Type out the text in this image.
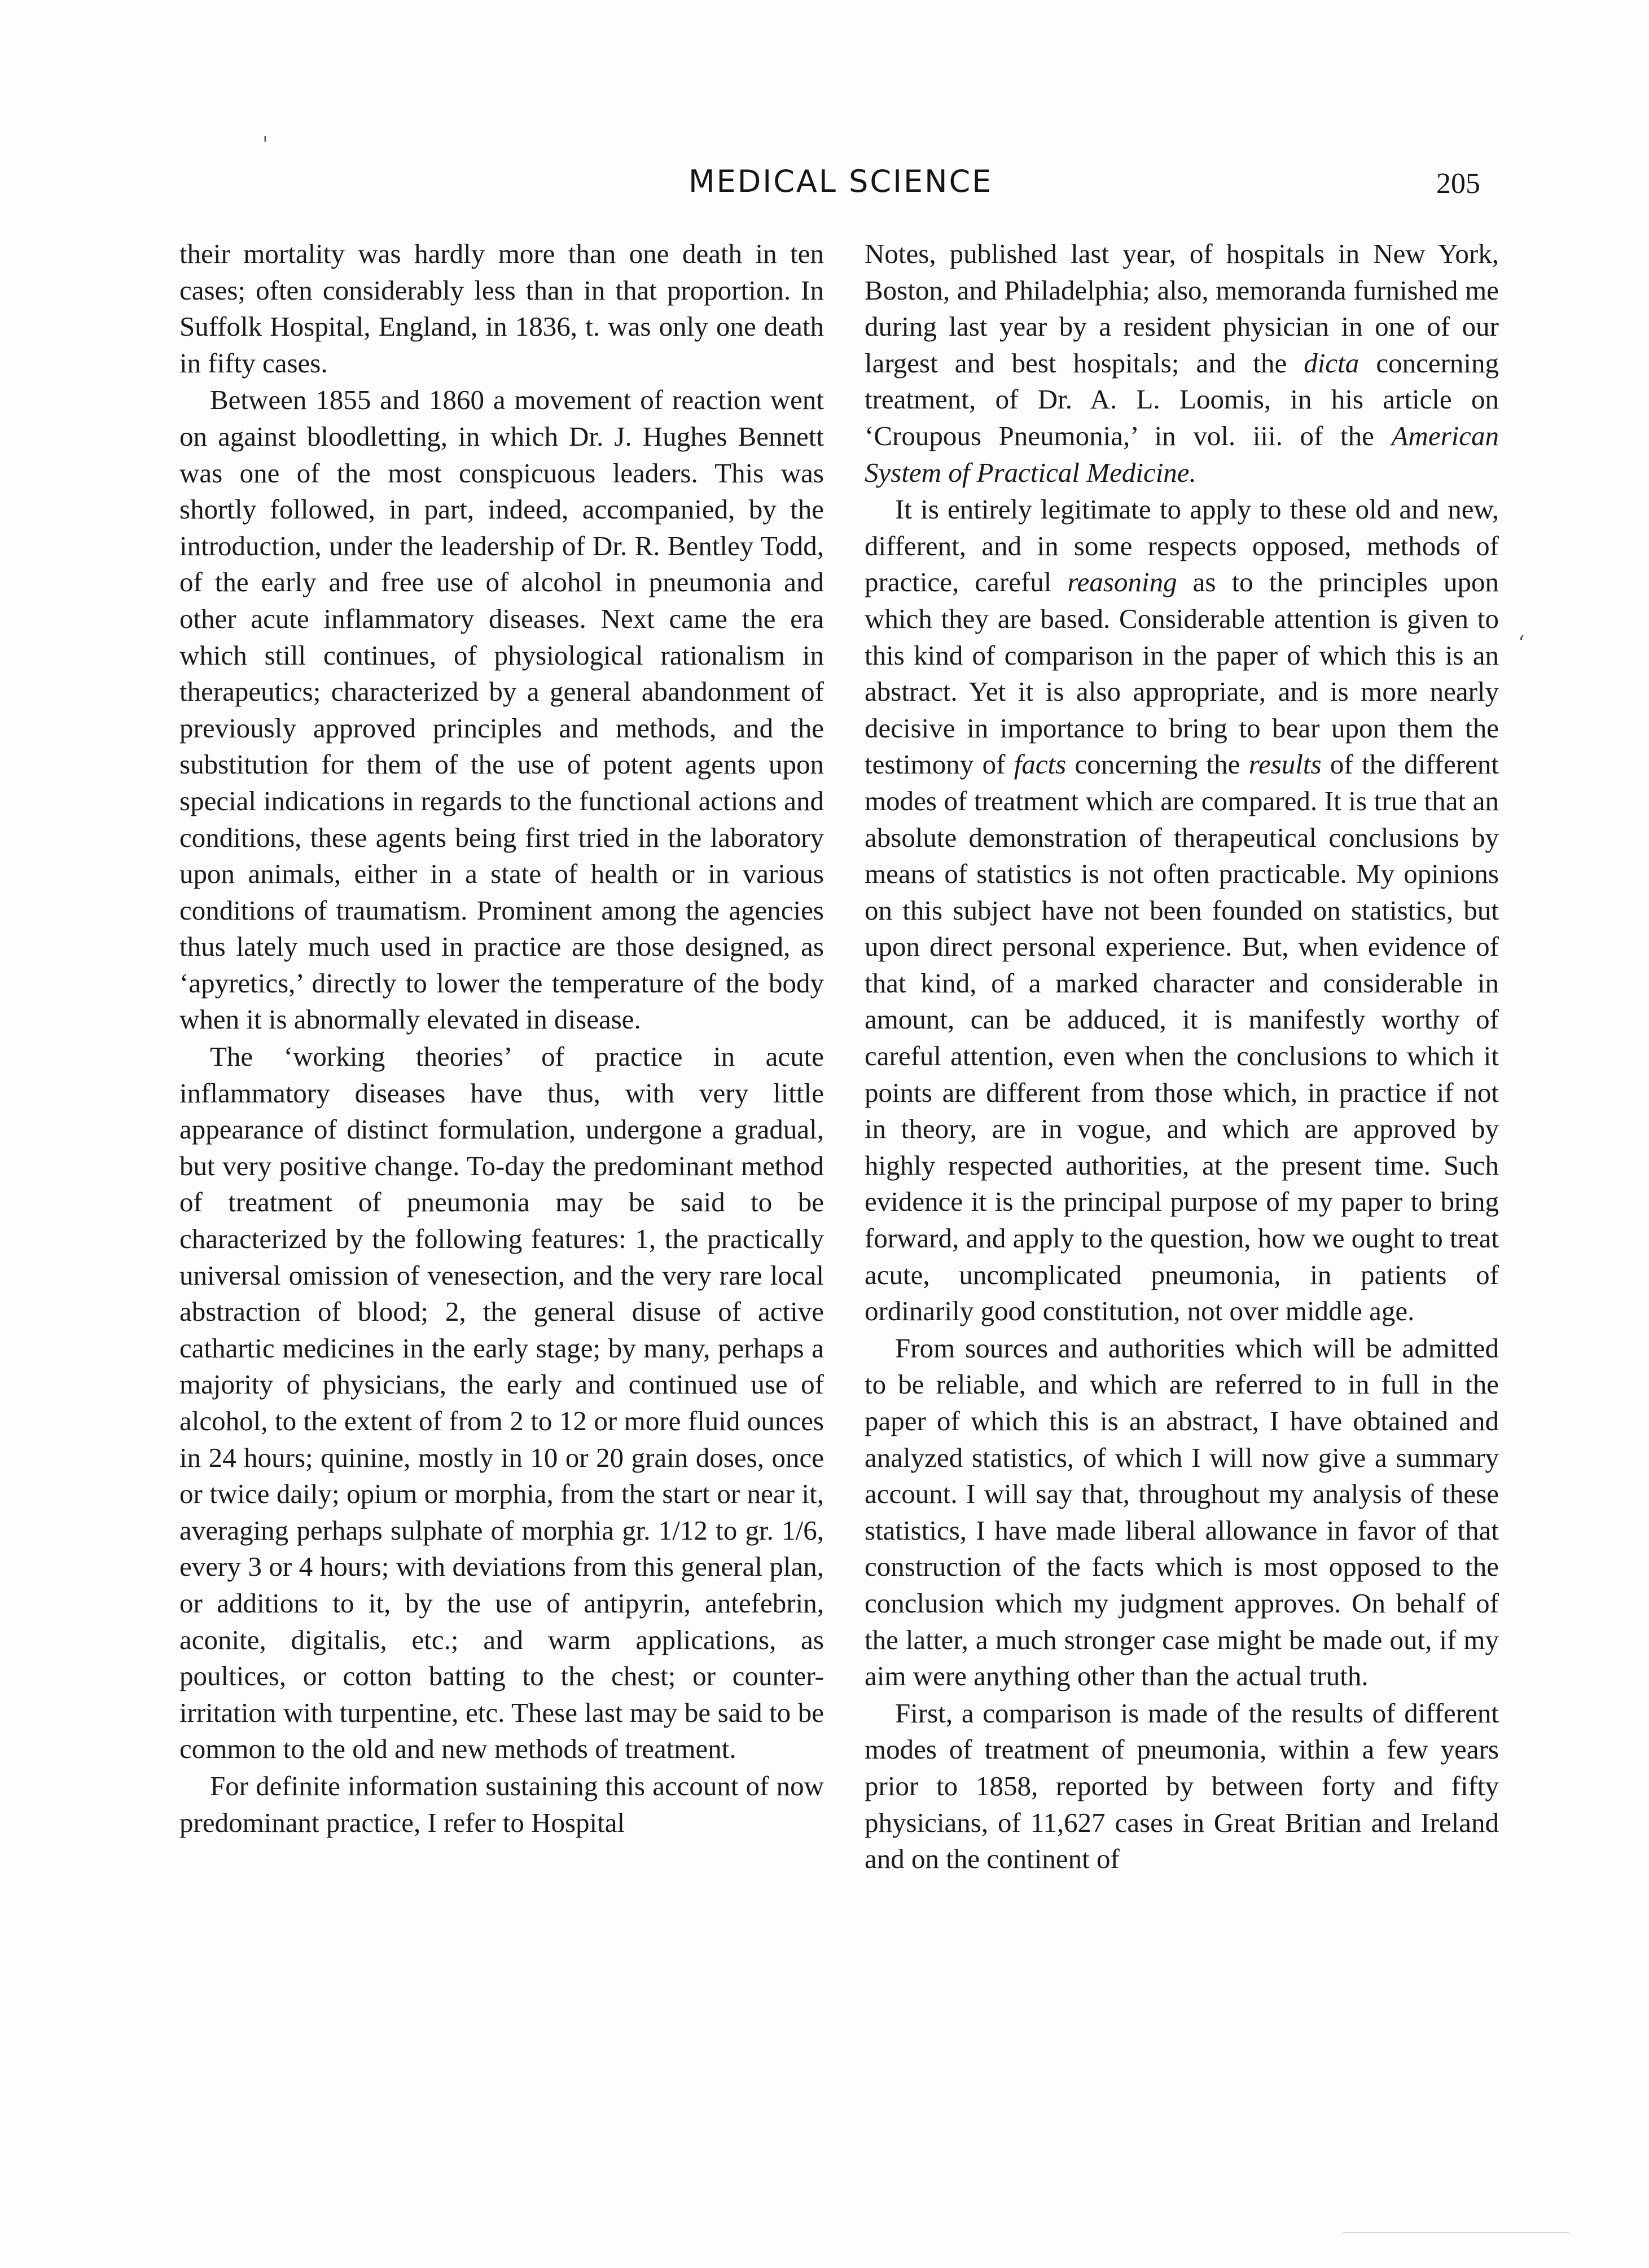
MEDICAL SCIENCE	205

their mortality was hardly more than one death in ten cases; often considerably less than in that proportion. In Suffolk Hospital, England, in 1836, t. was only one death in fifty cases.

Between 1855 and 1860 a movement of reaction went on against bloodletting, in which Dr. J. Hughes Bennett was one of the most conspicuous leaders. This was shortly followed, in part, indeed, accompanied, by the introduction, under the leadership of Dr. R. Bentley Todd, of the early and free use of alcohol in pneumonia and other acute inflammatory diseases. Next came the era which still continues, of physiological rationalism in therapeutics; characterized by a general abandonment of previously approved principles and methods, and the substitution for them of the use of potent agents upon special indications in regards to the functional actions and conditions, these agents being first tried in the laboratory upon animals, either in a state of health or in various conditions of traumatism. Prominent among the agencies thus lately much used in practice are those designed, as ‘apyretics,’ directly to lower the temperature of the body when it is abnormally elevated in disease.

The ‘working theories’ of practice in acute inflammatory diseases have thus, with very little appearance of distinct formulation, undergone a gradual, but very positive change. To-day the predominant method of treatment of pneumonia may be said to be characterized by the following features: 1, the practically universal omission of venesection, and the very rare local abstraction of blood; 2, the general disuse of active cathartic medicines in the early stage; by many, perhaps a majority of physicians, the early and continued use of alcohol, to the extent of from 2 to 12 or more fluid ounces in 24 hours; quinine, mostly in 10 or 20 grain doses, once or twice daily; opium or morphia, from the start or near it, averaging perhaps sulphate of morphia gr. 1/12 to gr. 1/6, every 3 or 4 hours; with deviations from this general plan, or additions to it, by the use of antipyrin, antefebrin, aconite, digitalis, etc.; and warm applications, as poultices, or cotton batting to the chest; or counter-irritation with turpentine, etc. These last may be said to be common to the old and new methods of treatment.

For definite information sustaining this account of now predominant practice, I refer to Hospital

Notes, published last year, of hospitals in New York, Boston, and Philadelphia; also, memoranda furnished me during last year by a resident physician in one of our largest and best hospitals; and the dicta concerning treatment, of Dr. A. L. Loomis, in his article on ‘Croupous Pneumonia,’ in vol. iii. of the American System of Practical Medicine.

It is entirely legitimate to apply to these old and new, different, and in some respects opposed, methods of practice, careful reasoning as to the principles upon which they are based. Considerable attention is given to this kind of comparison in the paper of which this is an abstract. Yet it is also appropriate, and is more nearly decisive in importance to bring to bear upon them the testimony of facts concerning the results of the different modes of treatment which are compared. It is true that an absolute demonstration of therapeutical conclusions by means of statistics is not often practicable. My opinions on this subject have not been founded on statistics, but upon direct personal experience. But, when evidence of that kind, of a marked character and considerable in amount, can be adduced, it is manifestly worthy of careful attention, even when the conclusions to which it points are different from those which, in practice if not in theory, are in vogue, and which are approved by highly respected authorities, at the present time. Such evidence it is the principal purpose of my paper to bring forward, and apply to the question, how we ought to treat acute, uncomplicated pneumonia, in patients of ordinarily good constitution, not over middle age.

From sources and authorities which will be admitted to be reliable, and which are referred to in full in the paper of which this is an abstract, I have obtained and analyzed statistics, of which I will now give a summary account. I will say that, throughout my analysis of these statistics, I have made liberal allowance in favor of that construction of the facts which is most opposed to the conclusion which my judgment approves. On behalf of the latter, a much stronger case might be made out, if my aim were anything other than the actual truth.

First, a comparison is made of the results of different modes of treatment of pneumonia, within a few years prior to 1858, reported by between forty and fifty physicians, of 11,627 cases in Great Britian and Ireland and on the continent of

'
‘
